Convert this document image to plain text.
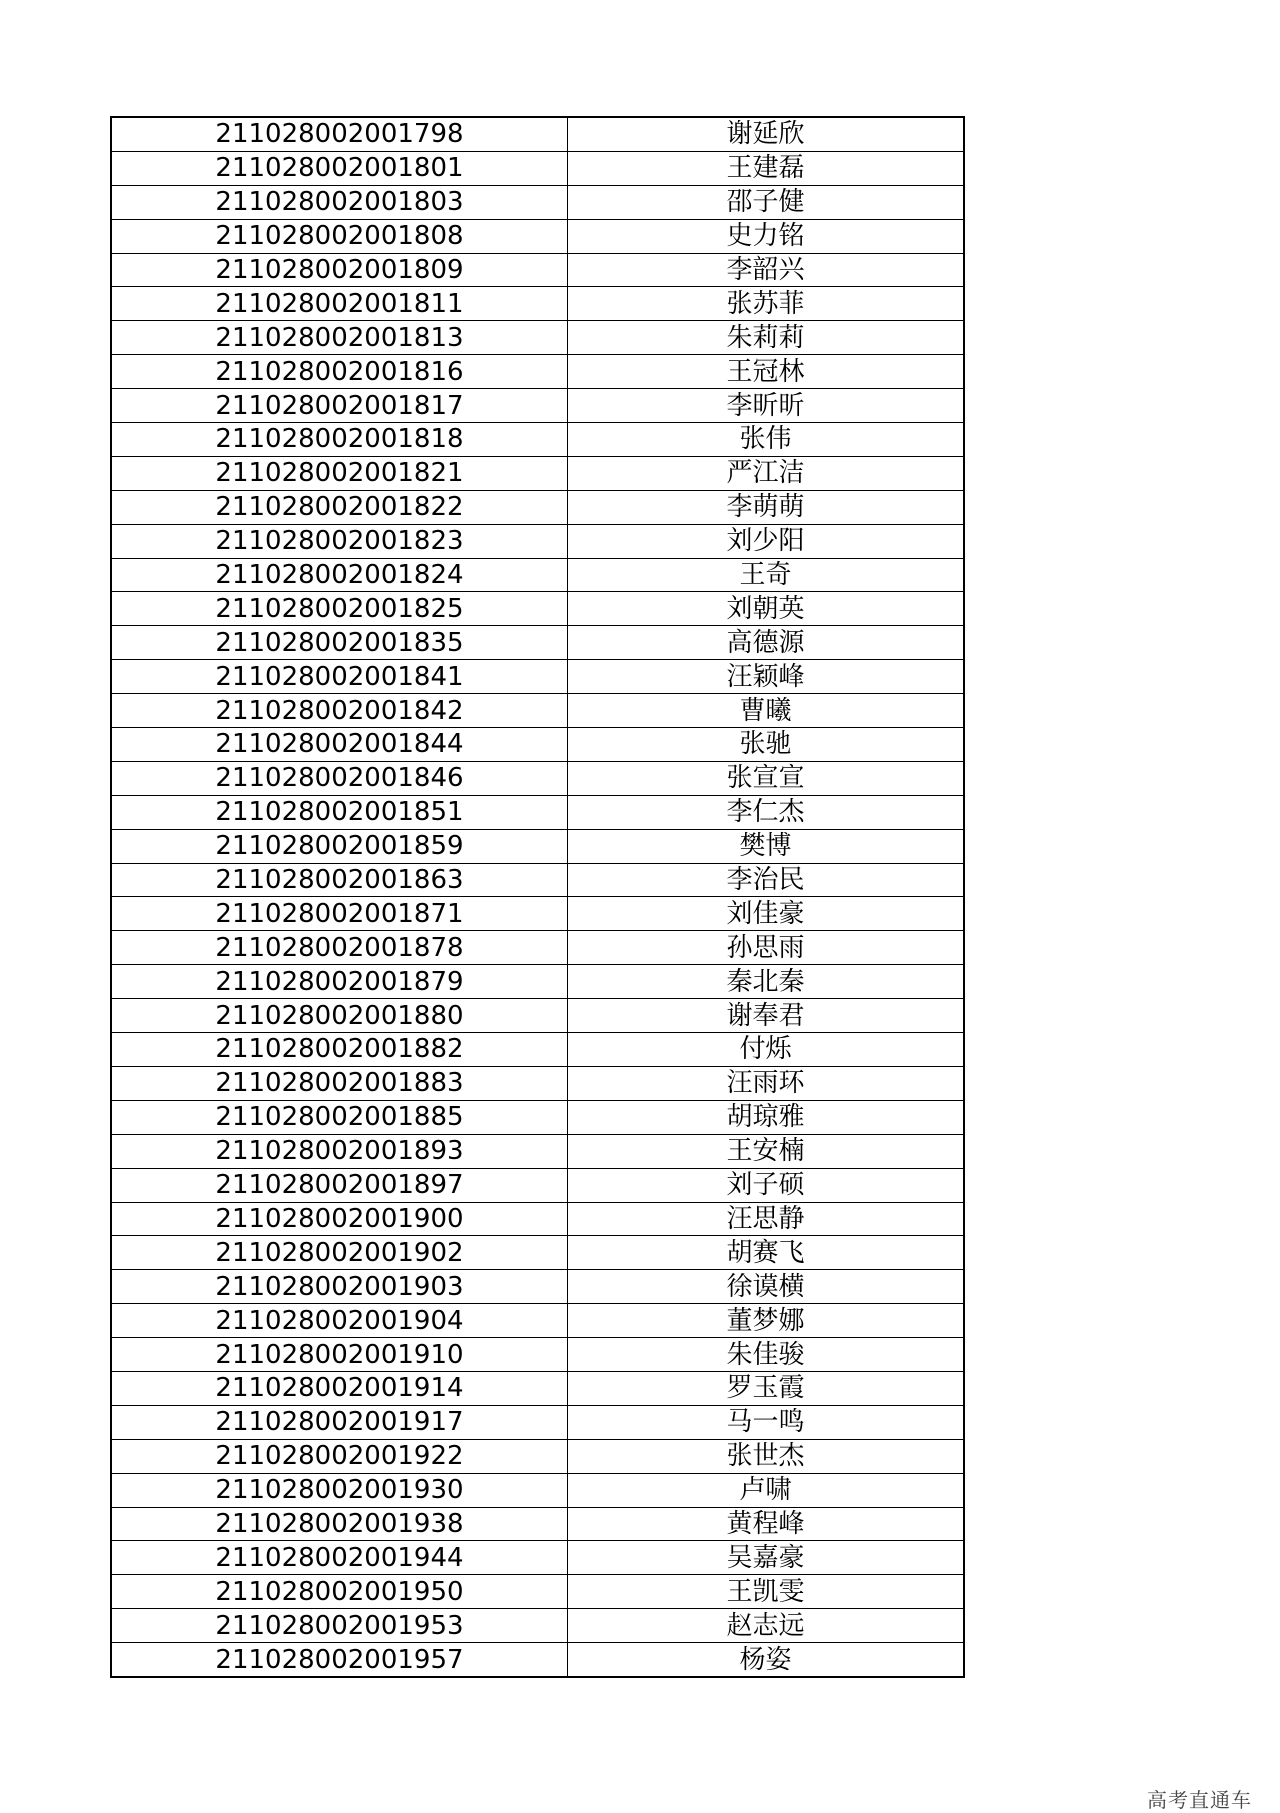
211028002001798	谢延欣
211028002001801	王建磊
211028002001803	邵子健
211028002001808	史力铭
211028002001809	李韶兴
211028002001811	张苏菲
211028002001813	朱莉莉
211028002001816	王冠林
211028002001817	李昕昕
211028002001818	张伟
211028002001821	严江洁
211028002001822	李萌萌
211028002001823	刘少阳
211028002001824	王奇
211028002001825	刘朝英
211028002001835	高德源
211028002001841	汪颖峰
211028002001842	曹曦
211028002001844	张驰
211028002001846	张宣宣
211028002001851	李仁杰
211028002001859	樊博
211028002001863	李治民
211028002001871	刘佳豪
211028002001878	孙思雨
211028002001879	秦北秦
211028002001880	谢奉君
211028002001882	付烁
211028002001883	汪雨环
211028002001885	胡琼雅
211028002001893	王安楠
211028002001897	刘子硕
211028002001900	汪思静
211028002001902	胡赛飞
211028002001903	徐谟横
211028002001904	董梦娜
211028002001910	朱佳骏
211028002001914	罗玉霞
211028002001917	马一鸣
211028002001922	张世杰
211028002001930	卢啸
211028002001938	黄程峰
211028002001944	吴嘉豪
211028002001950	王凯雯
211028002001953	赵志远
211028002001957	杨姿
高考直通车
